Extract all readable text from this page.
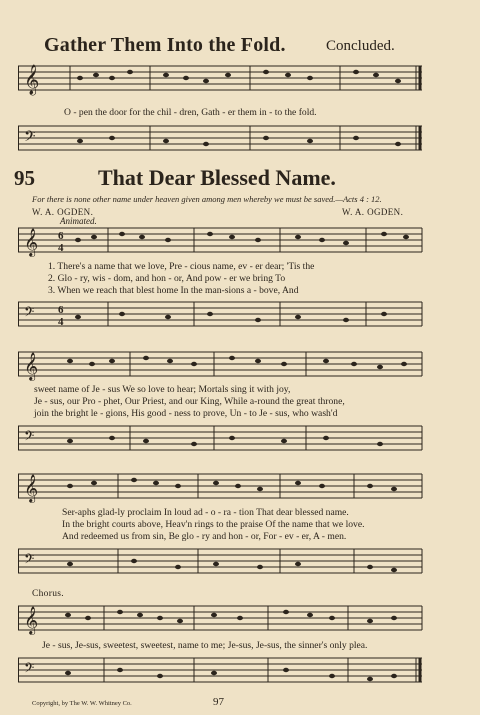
Gather Them Into the Fold.	Concluded.
𝄞
O - pen the door for the chil - dren, Gath - er them in - to the fold.
𝄢
95	That Dear Blessed Name.
For there is none other name under heaven given among men whereby we must be saved.—Acts 4 : 12.
W. A. OGDEN.	W. A. OGDEN.
Animated.
𝄞 6
4
1. There's a name that we love, Pre - cious name, ev - er dear; 'Tis the
2. Glo - ry, wis - dom, and hon - or, And pow - er we bring To
3. When we reach that blest home In the man-sions a - bove, And
𝄢 6
4
𝄞
sweet name of Je - sus We so love to hear; Mortals sing it with joy,
Je - sus, our Pro - phet, Our Priest, and our King, While a-round the great throne,
join the bright le - gions, His good - ness to prove, Un - to Je - sus, who wash'd
𝄢
𝄞
Ser-aphs glad-ly proclaim In loud ad - o - ra - tion That dear blessed name.
In the bright courts above, Heav'n rings to the praise Of the name that we love.
And redeemed us from sin, Be glo - ry and hon - or, For - ev - er, A - men.
𝄢
Chorus.
𝄞
Je - sus, Je-sus, sweetest, sweetest, name to me; Je-sus, Je-sus, the sinner's only plea.
𝄢
Copyright, by The W. W. Whitney Co.	97
